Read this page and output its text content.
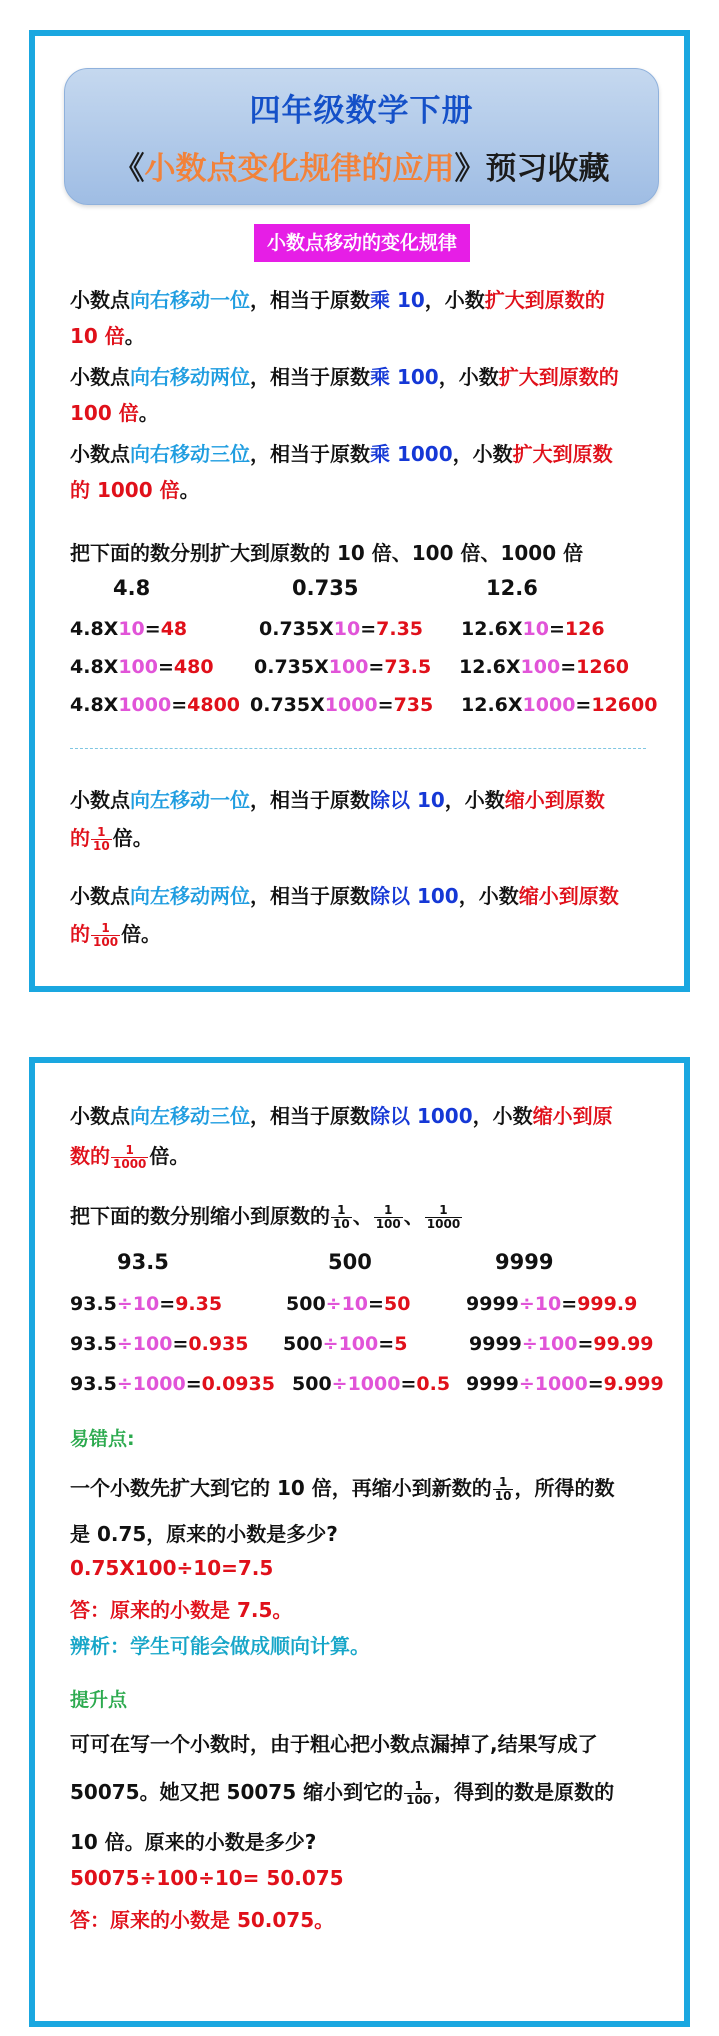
四年级数学下册
《小数点变化规律的应用》预习收藏
小数点移动的变化规律
小数点向右移动一位，相当于原数乘 10，小数扩大到原数的
10 倍。
小数点向右移动两位，相当于原数乘 100，小数扩大到原数的
100 倍。
小数点向右移动三位，相当于原数乘 1000，小数扩大到原数
的 1000 倍。
把下面的数分别扩大到原数的 10 倍、100 倍、1000 倍
4.8	0.735	12.6
4.8X10=48	0.735X10=7.35 12.6X10=126
4.8X100=480 0.735X100=73.5 12.6X100=1260
4.8X1000=4800 0.735X1000=735 12.6X1000=12600
小数点向左移动一位，相当于原数除以 10，小数缩小到原数
的 $\frac{1}{10}$ 倍。
小数点向左移动两位，相当于原数除以 100，小数缩小到原数
的 $\frac{1}{100}$ 倍。
小数点向左移动三位，相当于原数除以 1000，小数缩小到原
数的 $\frac{1}{1000}$ 倍。
把下面的数分别缩小到原数的 $\frac{1}{10}$ 、 $\frac{1}{100}$ 、 $\frac{1}{1000}$
93.5	500	9999
93.5÷10=9.35	500÷10=50	9999÷10=999.9
93.5÷100=0.935 500÷100=5	9999÷100=99.99
93.5÷1000=0.0935 500÷1000=0.5 9999÷1000=9.999
易错点:
一个小数先扩大到它的 10 倍，再缩小到新数的 $\frac{1}{10}$ ，所得的数
是 0.75，原来的小数是多少?
0.75X100÷10=7.5
答：原来的小数是 7.5。
辨析：学生可能会做成顺向计算。
提升点
可可在写一个小数时，由于粗心把小数点漏掉了,结果写成了
50075。她又把 50075 缩小到它的 $\frac{1}{100}$ ，得到的数是原数的
10 倍。原来的小数是多少?
50075÷100÷10= 50.075
答：原来的小数是 50.075。
